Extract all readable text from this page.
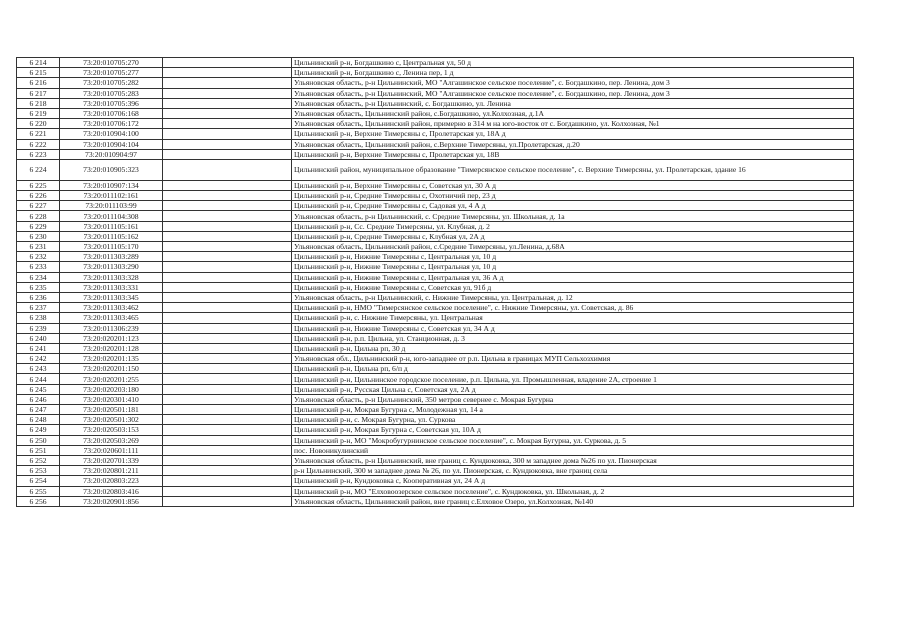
6 214	73:20:010705:270		Цильнинский р-н, Богдашкино с, Центральная ул, 50 д
6 215	73:20:010705:277		Цильнинский р-н, Богдашкино с, Ленина пер, 1 д
6 216	73:20:010705:282		Ульяновская область, р-н Цильнинский, МО "Алгашинское сельское поселение", с. Богдашкино, пер. Ленина, дом 3
6 217	73:20:010705:283		Ульяновская область, р-н Цильнинский, МО "Алгашинское сельское поселение", с. Богдашкино, пер. Ленина, дом 3
6 218	73:20:010705:396		Ульяновская область, р-н Цильнинский, с. Богдашкино, ул. Ленина
6 219	73:20:010706:168		Ульяновская область, Цильнинский район, с.Богдашкино, ул.Колхозная, д.1А
6 220	73:20:010706:172		Ульяновская область, Цильнинский район, примерно в 314 м на юго-восток от с. Богдашкино, ул. Колхозная, №1
6 221	73:20:010904:100		Цильнинский р-н, Верхние Тимерсяны с, Пролетарская ул, 18А д
6 222	73:20:010904:104		Ульяновская область, Цильнинский район, с.Верхние Тимерсяны, ул.Пролетарская, д.20
6 223	73:20:010904:97		Цильнинский р-н, Верхние Тимерсяны с, Пролетарская ул, 18В
6 224	73:20:010905:323		Цильнинский район, муниципальное образование "Тимерсянское сельское поселение", с. Верхние Тимерсяны, ул. Пролетарская, здание 16
6 225	73:20:010907:134		Цильнинский р-н, Верхние Тимерсяны с, Советская ул, 30 А д
6 226	73:20:011102:161		Цильнинский р-н, Средние Тимерсяны с, Охотничий пер, 23 д
6 227	73:20:011103:99		Цильнинский р-н, Средние Тимерсяны с, Садовая ул, 4 А д
6 228	73:20:011104:308		Ульяновская область, р-н Цильнинский, с. Средние Тимерсяны, ул. Школьная, д. 1а
6 229	73:20:011105:161		Цильнинский р-н, Сс. Средние Тимерсяны, ул. Клубная, д. 2
6 230	73:20:011105:162		Цильнинский р-н, Средние Тимерсяны с, Клубная ул, 2А д
6 231	73:20:011105:170		Ульяновская область, Цильнинский район, с.Средние Тимерсяны, ул.Ленина, д.68А
6 232	73:20:011303:289		Цильнинский р-н, Нижние Тимерсяны с, Центральная ул, 10 д
6 233	73:20:011303:290		Цильнинский р-н, Нижние Тимерсяны с, Центральная ул, 10 д
6 234	73:20:011303:328		Цильнинский р-н, Нижние Тимерсяны с, Центральная ул, 36 А д
6 235	73:20:011303:331		Цильнинский р-н, Нижние Тимерсяны с, Советская ул, 91б д
6 236	73:20:011303:345		Ульяновская область, р-н Цильнинский, с. Нижние Тимерсяны, ул. Центральная, д. 12
6 237	73:20:011303:462		Цильнинский р-н, НМО "Тимерсянское сельское поселение", с. Нижние Тимерсяны, ул. Советская, д. 86
6 238	73:20:011303:465		Цильнинский р-н, с. Нижние Тимерсяны, ул. Центральная
6 239	73:20:011306:239		Цильнинский р-н, Нижние Тимерсяны с, Советская ул, 34 А д
6 240	73:20:020201:123		Цильнинский р-н, р.п. Цильна, ул. Станционная, д. 3
6 241	73:20:020201:128		Цильнинский р-н, Цильна рп, 30 д
6 242	73:20:020201:135		Ульяновская обл., Цильнинский р-н, юго-западнее от р.п. Цильна в границах МУП Сельхозхимия
6 243	73:20:020201:150		Цильнинский р-н, Цильна рп, 6/п д
6 244	73:20:020201:255		Цильнинский р-н, Цильнинское городское поселение, р.п. Цильна, ул. Промышленная, владение 2А, строение 1
6 245	73:20:020203:180		Цильнинский р-н, Русская Цильна с, Советская ул, 2А д
6 246	73:20:020301:410		Ульяновская область, р-н Цильнинский, 350 метров севернее с. Мокрая Бугурна
6 247	73:20:020501:181		Цильнинский р-н, Мокрая Бугурна с, Молодежная ул, 14 а
6 248	73:20:020501:302		Цильнинский р-н, с. Мокрая Бугурна, ул. Суркова
6 249	73:20:020503:153		Цильнинский р-н, Мокрая Бугурна с, Советская ул, 10А д
6 250	73:20:020503:269		Цильнинский р-н, МО "Мокробугурнинское сельское поселение", с. Мокрая Бугурна, ул. Суркова, д. 5
6 251	73:20:020601:111		пос. Новоникулинский
6 252	73:20:020701:339		Ульяновская область, р-н Цильнинский, вне границ с. Кундюковка, 300 м западнее дома №26 по ул. Пионерская
6 253	73:20:020801:211		р-н Цильнинский, 300 м западнее дома № 26, по ул. Пионерская, с. Кундюковка, вне границ села
6 254	73:20:020803:223		Цильнинский р-н, Кундюковка с, Кооперативная ул, 24 А д
6 255	73:20:020803:416		Цильнинский р-н, МО "Елховоозерское сельское поселение", с. Кундюковка, ул. Школьная, д. 2
6 256	73:20:020901:856		Ульяновская область, Цильнинский район, вне границ с.Елховое Озеро, ул.Колхозная, №140
